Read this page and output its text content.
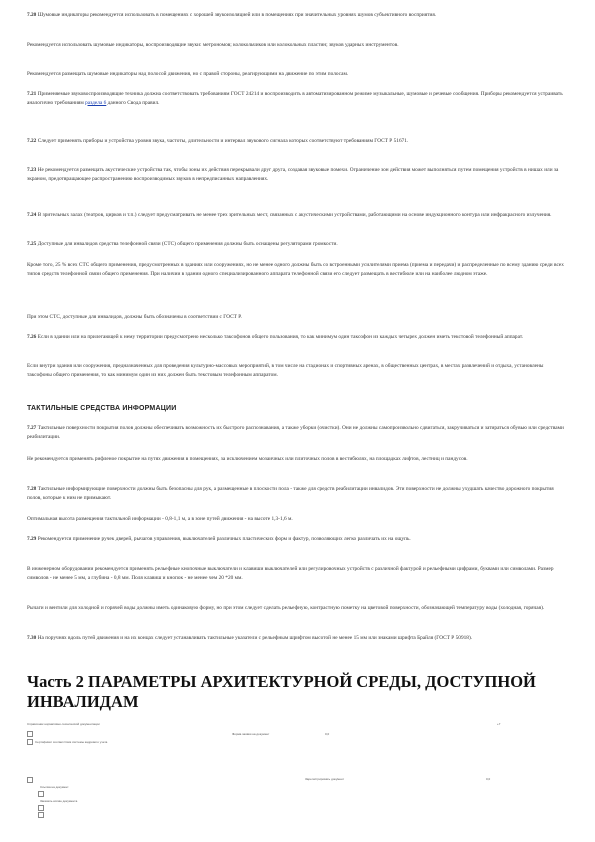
7.20 Шумовые индикаторы рекомендуется использовать в помещениях с хорошей звукоизоляцией или в помещениях при значительных уровнях шумов субъективного восприятия.
Рекомендуется использовать шумовые индикаторы, воспроизводящие звуки: метрономов; колокольчиков или колокольных пластин; звуков ударных инструментов.
Рекомендуется размещать шумовые индикаторы над полосой движения, но с правой стороны, реагирующими на движение по этим полосам.
7.21 Применяемые звуковоспроизводящие техника должна соответствовать требованиям ГОСТ 24214 и воспроизводить в автоматизированном режиме музыкальные, шумовые и речевые сообщения. Приборы рекомендуется устраивать аналогично требованиям раздела 6 данного Свода правил.
7.22 Следует применять приборы и устройства уровня звука, частоты, длительности и интервал звукового сигнала которых соответствуют требованиям ГОСТ Р 51671.
7.23 Не рекомендуется размещать акустические устройства так, чтобы зоны их действия перекрывали друг друга, создавая звуковые помехи. Ограничение зон действия может выполняться путем помещения устройств в нишах или за экраном, предотвращающее распространению воспроизводимых звуков в непредписанных направлениях.
7.24 В зрительных залах (театров, цирков и т.п.) следует предусматривать не менее трех зрительных мест, связанных с акустическими устройствами, работающими на основе индукционного контура или инфракрасного излучения.
7.25 Доступные для инвалидов средства телефонной связи (СТС) общего применения должны быть оснащены регуляторами громкости.
Кроме того, 25 % всех СТС общего применения, предусмотренных в зданиях или сооружениях, но не менее одного должны быть со встроенными усилителями приема (приема и передачи) и распределенные по всему зданию среди всех типов средств телефонной связи общего применения. При наличии в здании одного специализированного аппарата телефонной связи его следует размещать в вестибюле или на наиболее людном этаже.
При этом СТС, доступные для инвалидов, должны быть обозначены в соответствии с ГОСТ Р.
7.26 Если в здании или на прилегающей к нему территории предусмотрено несколько таксофонов общего пользования, то как минимум один таксофон из каждых четырех должен иметь текстовой телефонный аппарат.
Если внутри здания или сооружения, предназначенных для проведения культурно-массовых мероприятий, в том числе на стадионах и спортивных аренах, в общественных центрах, в местах развлечений и отдыха, установлены таксофоны общего применения, то как минимум один из них должен быть текстовым телефонным аппаратом.
ТАКТИЛЬНЫЕ СРЕДСТВА ИНФОРМАЦИИ
7.27 Тактильные поверхности покрытия полов должны обеспечивать возможность их быстрого распознавания, а также уборки (очистки). Они не должны самопроизвольно сдвигаться, закручиваться и затираться обувью или средствами реабилитации.
Не рекомендуется применять рифленое покрытие на путях движения в помещениях, за исключением мозаичных или плиточных полов в вестибюлях, на площадках лифтов, лестниц и пандусов.
7.28 Тактильные информирующие поверхности должны быть безопасны для рук, а размещенные в плоскости пола - также для средств реабилитации инвалидов. Эти поверхности не должны ухудшать качество дорожного покрытия полов, которые к ним не примыкают.
Оптимальная высота размещения тактильной информации - 0,8-1,1 м, а в зоне путей движения - на высоте 1,3-1,6 м.
7.29 Рекомендуется применение ручек дверей, рычагов управления, выключателей различных пластических форм и фактур, позволяющих легко различать их на ощупь.
В инженерном оборудовании рекомендуется применять рельефные кнопочные выключатели и клавиши выключателей или регулировочных устройств с различной фактурой и рельефными цифрами, буквами или символами. Размер символов - не менее 5 мм, а глубина - 0,8 мм. Поля клавиш и кнопок - не менее чем 20 *20 мм.
Рычаги и вентили для холодной и горячей воды должны иметь одинаковую форму, но при этом следует сделать рельефную, контрастную пометку на цветовой поверхности, обозначающей температуру воды (холодная, горячая).
7.30 На поручнях вдоль путей движения и на их концах следует устанавливать тактильные указатели с рельефным шрифтом высотой не менее 15 мм или знаками шрифта Брайля (ГОСТ Р 50918).
Часть 2 ПАРАМЕТРЫ АРХИТЕКТУРНОЙ СРЕДЫ, ДОСТУПНОЙ ИНВАЛИДАМ
Справочник нормативно-технической документации	+7
Форма заявки на документ	0,0
Сертификат соответствия системы кадрового учета
Зарегистрировать документ	0,0
Ссылка на документ
Заказать копию документа
